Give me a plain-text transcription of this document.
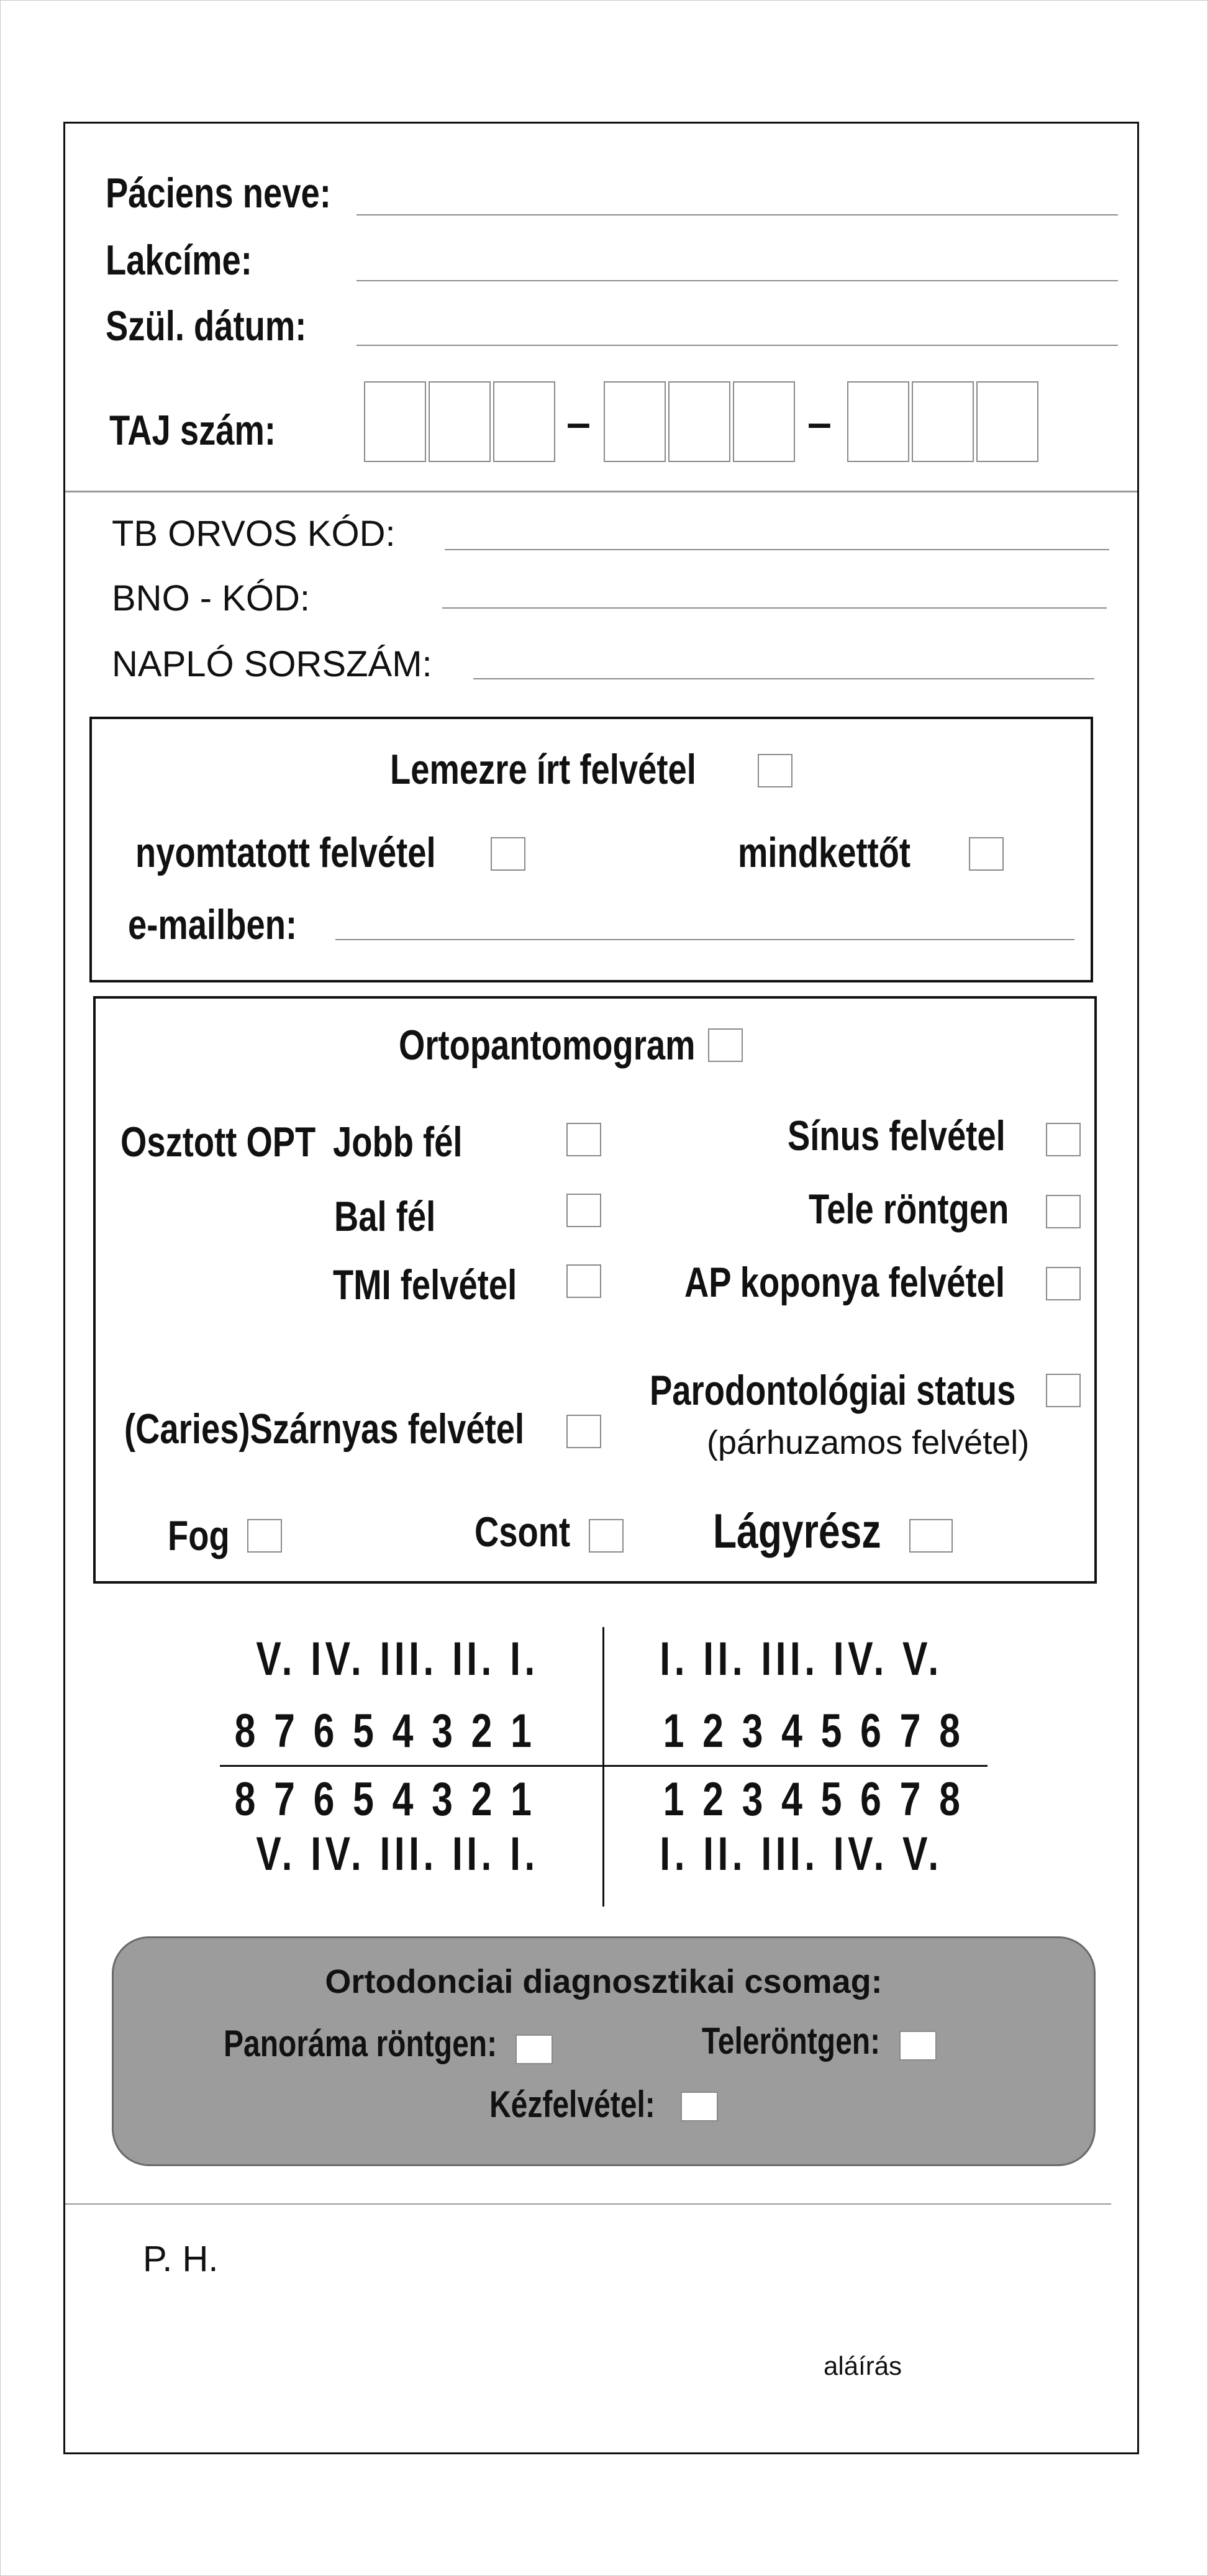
Páciens neve:
Lakcíme:
Szül. dátum:
TAJ szám:	–	–
TB ORVOS KÓD:
BNO - KÓD:
NAPLÓ SORSZÁM:
Lemezre írt felvétel
nyomtatott felvétel	mindkettőt
e-mailben:
Ortopantomogram
Osztott OPT Jobb fél
Bal fél
TMI felvétel
Sínus felvétel
Tele röntgen
AP koponya felvétel
Parodontológiai status
(párhuzamos felvétel)
(Caries)Szárnyas felvétel
Fog	Csont	Lágyrész
V. IV. III. II. I.	I. II. III. IV. V.
8 7 6 5 4 3 2 1	1 2 3 4 5 6 7 8
8 7 6 5 4 3 2 1	1 2 3 4 5 6 7 8
V. IV. III. II. I.	I. II. III. IV. V.
Ortodonciai diagnosztikai csomag:
Panoráma röntgen:	Teleröntgen:
Kézfelvétel:
P. H.
aláírás
